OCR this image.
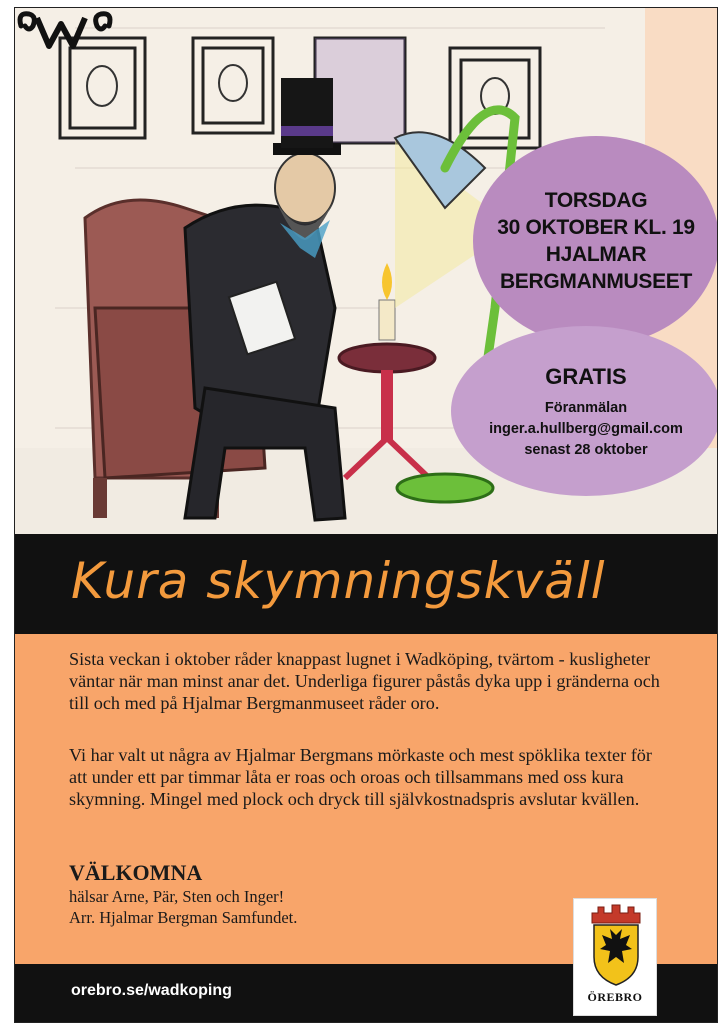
TORSDAG
30 OKTOBER KL. 19
HJALMAR
BERGMANMUSEET
GRATIS
Föranmälan
inger.a.hullberg@gmail.com
senast 28 oktober
Kura skymningskväll
Sista veckan i oktober råder knappast lugnet i Wadköping, tvärtom - kusligheter väntar när man minst anar det. Underliga figurer påstås dyka upp i gränderna och till och med på Hjalmar Bergmanmuseet råder oro.
Vi har valt ut några av Hjalmar Bergmans mörkaste och mest spöklika texter för att under ett par timmar låta er roas och oroas och tillsammans med oss kura skymning. Mingel med plock och dryck till självkostnadspris avslutar kvällen.
VÄLKOMNA
hälsar Arne, Pär, Sten och Inger!
Arr. Hjalmar Bergman Samfundet.
orebro.se/wadkoping	ÖREBRO
